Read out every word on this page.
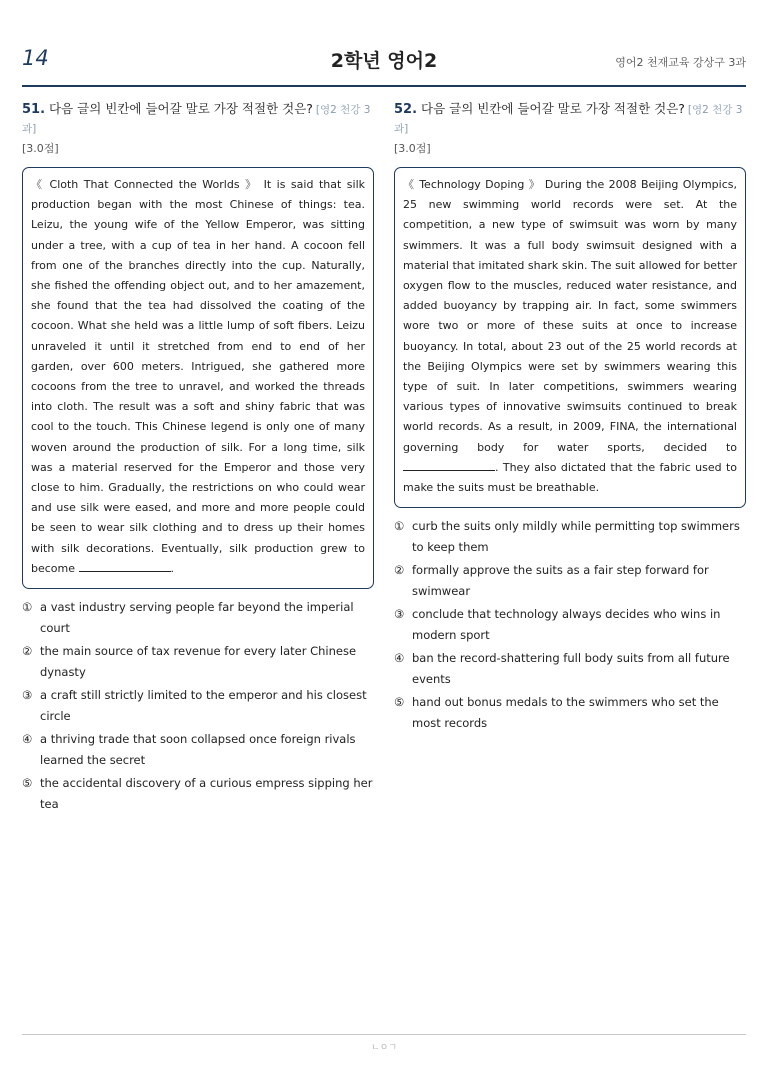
14	2학년 영어2	영어2 천재교육 강상구 3과
51. 다음 글의 빈칸에 들어갈 말로 가장 적절한 것은? [영2 천강 3과]
[3.0점]
《 Cloth That Connected the Worlds 》 It is said that silk production began with the most Chinese of things: tea. Leizu, the young wife of the Yellow Emperor, was sitting under a tree, with a cup of tea in her hand. A cocoon fell from one of the branches directly into the cup. Naturally, she fished the offending object out, and to her amazement, she found that the tea had dissolved the coating of the cocoon. What she held was a little lump of soft fibers. Leizu unraveled it until it stretched from end to end of her garden, over 600 meters. Intrigued, she gathered more cocoons from the tree to unravel, and worked the threads into cloth. The result was a soft and shiny fabric that was cool to the touch. This Chinese legend is only one of many woven around the production of silk. For a long time, silk was a material reserved for the Emperor and those very close to him. Gradually, the restrictions on who could wear and use silk were eased, and more and more people could be seen to wear silk clothing and to dress up their homes with silk decorations. Eventually, silk production grew to become	.
① a vast industry serving people far beyond the imperial court
② the main source of tax revenue for every later Chinese dynasty
③ a craft still strictly limited to the emperor and his closest circle
④ a thriving trade that soon collapsed once foreign rivals learned the secret
⑤ the accidental discovery of a curious empress sipping her tea
52. 다음 글의 빈칸에 들어갈 말로 가장 적절한 것은? [영2 천강 3과]
[3.0점]
《 Technology Doping 》 During the 2008 Beijing Olympics, 25 new swimming world records were set. At the competition, a new type of swimsuit was worn by many swimmers. It was a full body swimsuit designed with a material that imitated shark skin. The suit allowed for better oxygen flow to the muscles, reduced water resistance, and added buoyancy by trapping air. In fact, some swimmers wore two or more of these suits at once to increase buoyancy. In total, about 23 out of the 25 world records at the Beijing Olympics were set by swimmers wearing this type of suit. In later competitions, swimmers wearing various types of innovative swimsuits continued to break world records. As a result, in 2009, FINA, the international governing body for water sports, decided to . They also dictated that the fabric used to make the suits must be breathable.
① curb the suits only mildly while permitting top swimmers to keep them
② formally approve the suits as a fair step forward for swimwear
③ conclude that technology always decides who wins in modern sport
④ ban the record-shattering full body suits from all future events
⑤ hand out bonus medals to the swimmers who set the most records
ㄴㅇㄱ
